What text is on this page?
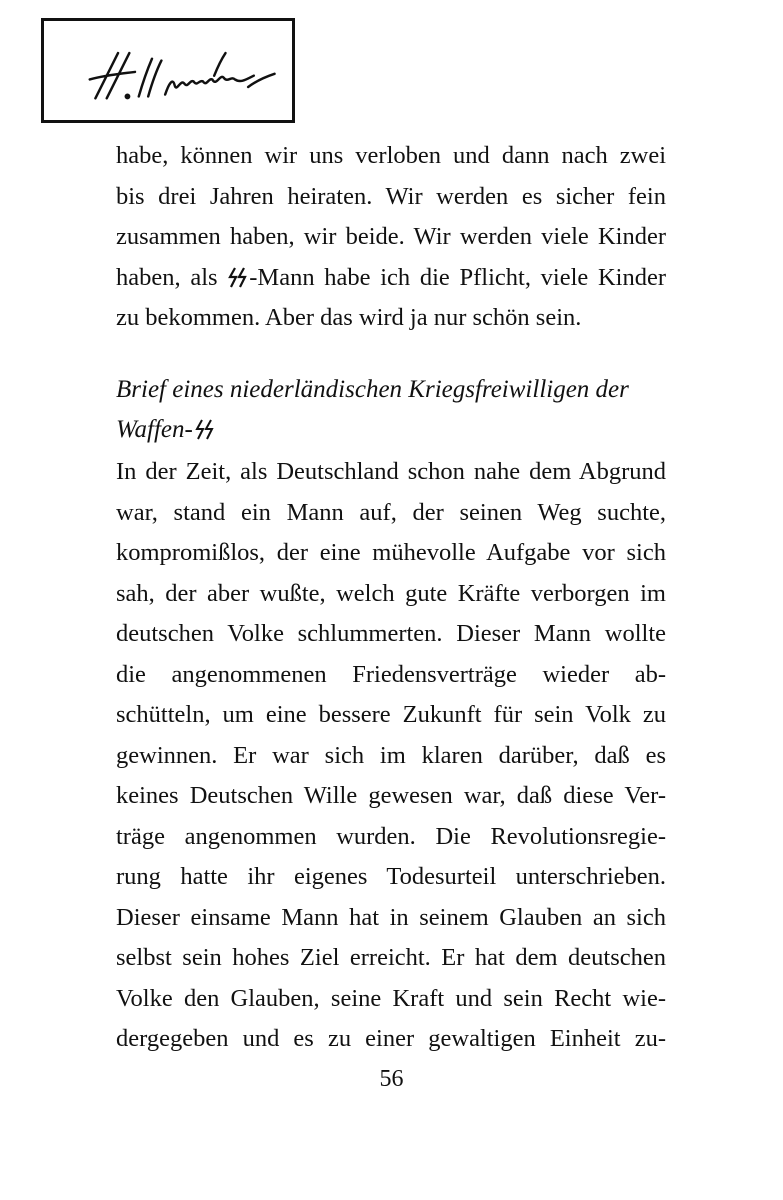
habe, können wir uns verloben und dann nach zwei
bis drei Jahren heiraten. Wir werden es sicher fein
zusammen haben, wir beide. Wir werden viele Kinder
haben, als -Mann habe ich die Pflicht, viele Kinder
zu bekommen. Aber das wird ja nur schön sein.
Brief eines niederländischen Kriegsfreiwilligen der
Waffen-
In der Zeit, als Deutschland schon nahe dem Abgrund
war, stand ein Mann auf, der seinen Weg suchte,
kompromißlos, der eine mühevolle Aufgabe vor sich
sah, der aber wußte, welch gute Kräfte verborgen im
deutschen Volke schlummerten. Dieser Mann wollte
die angenommenen Friedensverträge wieder ab-
schütteln, um eine bessere Zukunft für sein Volk zu
gewinnen. Er war sich im klaren darüber, daß es
keines Deutschen Wille gewesen war, daß diese Ver-
träge angenommen wurden. Die Revolutionsregie-
rung hatte ihr eigenes Todesurteil unterschrieben.
Dieser einsame Mann hat in seinem Glauben an sich
selbst sein hohes Ziel erreicht. Er hat dem deutschen
Volke den Glauben, seine Kraft und sein Recht wie-
dergegeben und es zu einer gewaltigen Einheit zu-
56
